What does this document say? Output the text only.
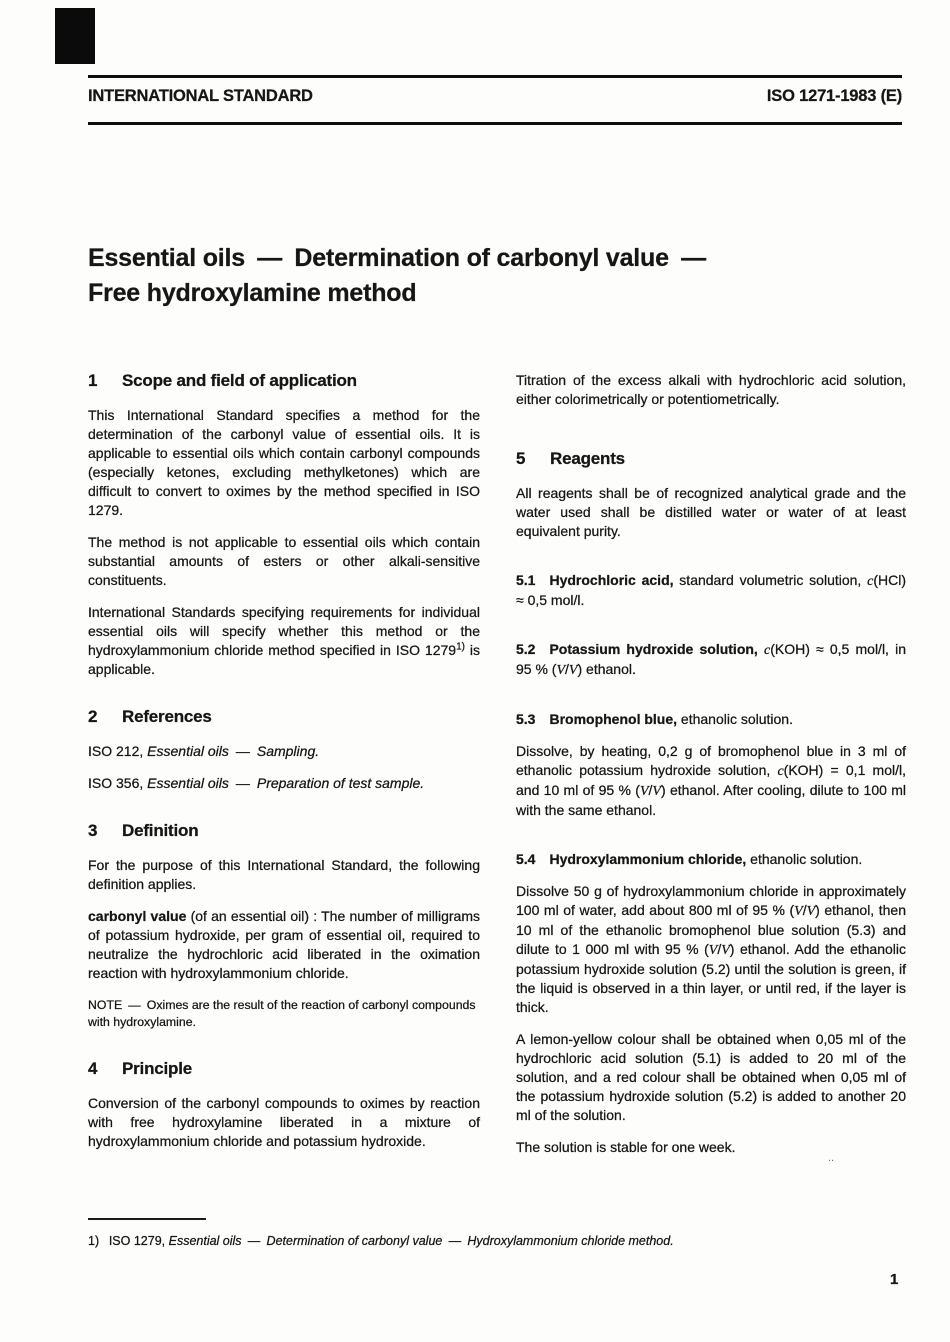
INTERNATIONAL STANDARD	ISO 1271-1983 (E)
Essential oils — Determination of carbonyl value —
Free hydroxylamine method
1 Scope and field of application

This International Standard specifies a method for the determination of the carbonyl value of essential oils. It is applicable to essential oils which contain carbonyl compounds (especially ketones, excluding methylketones) which are difficult to convert to oximes by the method specified in ISO 1279.

The method is not applicable to essential oils which contain substantial amounts of esters or other alkali-sensitive constituents.

International Standards specifying requirements for individual essential oils will specify whether this method or the hydroxylammonium chloride method specified in ISO 1279$^{1)}$ is applicable.

2 References

ISO 212, Essential oils — Sampling.

ISO 356, Essential oils — Preparation of test sample.

3 Definition

For the purpose of this International Standard, the following definition applies.

carbonyl value (of an essential oil) : The number of milligrams of potassium hydroxide, per gram of essential oil, required to neutralize the hydrochloric acid liberated in the oximation reaction with hydroxylammonium chloride.

NOTE — Oximes are the result of the reaction of carbonyl compounds with hydroxylamine.

4 Principle

Conversion of the carbonyl compounds to oximes by reaction with free hydroxylamine liberated in a mixture of hydroxylammonium chloride and potassium hydroxide.

Titration of the excess alkali with hydrochloric acid solution, either colorimetrically or potentiometrically.

5 Reagents

All reagents shall be of recognized analytical grade and the water used shall be distilled water or water of at least equivalent purity.

5.1  Hydrochloric acid, standard volumetric solution, c(HCl) ≈ 0,5 mol/l.

5.2  Potassium hydroxide solution, c(KOH) ≈ 0,5 mol/l, in 95 % (V/V) ethanol.

5.3  Bromophenol blue, ethanolic solution.

Dissolve, by heating, 0,2 g of bromophenol blue in 3 ml of ethanolic potassium hydroxide solution, c(KOH) = 0,1 mol/l, and 10 ml of 95 % (V/V) ethanol. After cooling, dilute to 100 ml with the same ethanol.

5.4  Hydroxylammonium chloride, ethanolic solution.

Dissolve 50 g of hydroxylammonium chloride in approximately 100 ml of water, add about 800 ml of 95 % (V/V) ethanol, then 10 ml of the ethanolic bromophenol blue solution (5.3) and dilute to 1 000 ml with 95 % (V/V) ethanol. Add the ethanolic potassium hydroxide solution (5.2) until the solution is green, if the liquid is observed in a thin layer, or until red, if the layer is thick.

A lemon-yellow colour shall be obtained when 0,05 ml of the hydrochloric acid solution (5.1) is added to 20 ml of the solution, and a red colour shall be obtained when 0,05 ml of the potassium hydroxide solution (5.2) is added to another 20 ml of the solution.

The solution is stable for one week.

..

1)  ISO 1279, Essential oils — Determination of carbonyl value — Hydroxylammonium chloride method.

1
